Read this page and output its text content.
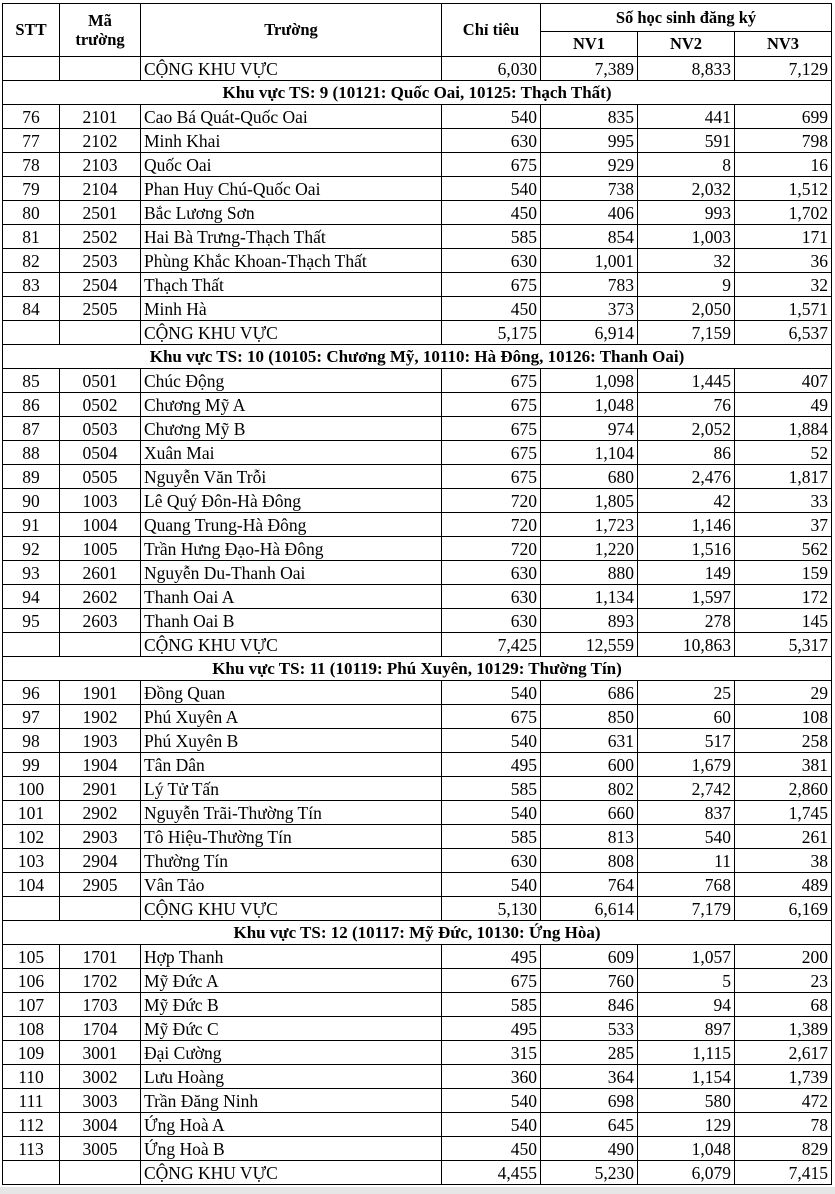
STT	Mã trường	Trường	Chỉ tiêu	Số học sinh đăng ký		
				NV1	NV2	NV3
		CỘNG KHU VỰC	6,030	7,389	8,833	7,129
Khu vực TS: 9 (10121: Quốc Oai, 10125: Thạch Thất)						
76	2101	Cao Bá Quát-Quốc Oai	540	835	441	699
77	2102	Minh Khai	630	995	591	798
78	2103	Quốc Oai	675	929	8	16
79	2104	Phan Huy Chú-Quốc Oai	540	738	2,032	1,512
80	2501	Bắc Lương Sơn	450	406	993	1,702
81	2502	Hai Bà Trưng-Thạch Thất	585	854	1,003	171
82	2503	Phùng Khắc Khoan-Thạch Thất	630	1,001	32	36
83	2504	Thạch Thất	675	783	9	32
84	2505	Minh Hà	450	373	2,050	1,571
		CỘNG KHU VỰC	5,175	6,914	7,159	6,537
Khu vực TS: 10 (10105: Chương Mỹ, 10110: Hà Đông, 10126: Thanh Oai)						
85	0501	Chúc Động	675	1,098	1,445	407
86	0502	Chương Mỹ A	675	1,048	76	49
87	0503	Chương Mỹ B	675	974	2,052	1,884
88	0504	Xuân Mai	675	1,104	86	52
89	0505	Nguyễn Văn Trỗi	675	680	2,476	1,817
90	1003	Lê Quý Đôn-Hà Đông	720	1,805	42	33
91	1004	Quang Trung-Hà Đông	720	1,723	1,146	37
92	1005	Trần Hưng Đạo-Hà Đông	720	1,220	1,516	562
93	2601	Nguyễn Du-Thanh Oai	630	880	149	159
94	2602	Thanh Oai A	630	1,134	1,597	172
95	2603	Thanh Oai B	630	893	278	145
		CỘNG KHU VỰC	7,425	12,559	10,863	5,317
Khu vực TS: 11 (10119: Phú Xuyên, 10129: Thường Tín)						
96	1901	Đồng Quan	540	686	25	29
97	1902	Phú Xuyên A	675	850	60	108
98	1903	Phú Xuyên B	540	631	517	258
99	1904	Tân Dân	495	600	1,679	381
100	2901	Lý Tử Tấn	585	802	2,742	2,860
101	2902	Nguyễn Trãi-Thường Tín	540	660	837	1,745
102	2903	Tô Hiệu-Thường Tín	585	813	540	261
103	2904	Thường Tín	630	808	11	38
104	2905	Vân Tảo	540	764	768	489
		CỘNG KHU VỰC	5,130	6,614	7,179	6,169
Khu vực TS: 12 (10117: Mỹ Đức, 10130: Ứng Hòa)						
105	1701	Hợp Thanh	495	609	1,057	200
106	1702	Mỹ Đức A	675	760	5	23
107	1703	Mỹ Đức B	585	846	94	68
108	1704	Mỹ Đức C	495	533	897	1,389
109	3001	Đại Cường	315	285	1,115	2,617
110	3002	Lưu Hoàng	360	364	1,154	1,739
111	3003	Trần Đăng Ninh	540	698	580	472
112	3004	Ứng Hoà A	540	645	129	78
113	3005	Ứng Hoà B	450	490	1,048	829
		CỘNG KHU VỰC	4,455	5,230	6,079	7,415
